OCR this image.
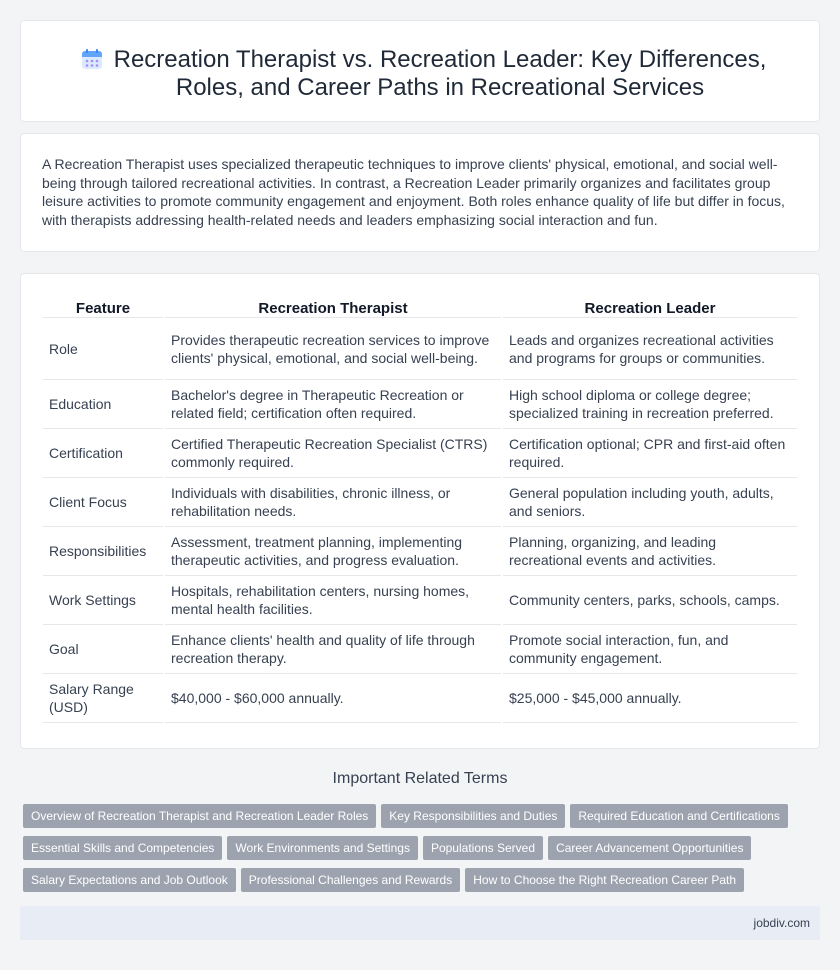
Recreation Therapist vs. Recreation Leader: Key Differences, Roles, and Career Paths in Recreational Services

A Recreation Therapist uses specialized therapeutic techniques to improve clients' physical, emotional, and social well-being through tailored recreational activities. In contrast, a Recreation Leader primarily organizes and facilitates group leisure activities to promote community engagement and enjoyment. Both roles enhance quality of life but differ in focus, with therapists addressing health-related needs and leaders emphasizing social interaction and fun.

Feature	Recreation Therapist	Recreation Leader
Role	Provides therapeutic recreation services to improve clients' physical, emotional, and social well-being.	Leads and organizes recreational activities and programs for groups or communities.
Education	Bachelor's degree in Therapeutic Recreation or related field; certification often required.	High school diploma or college degree; specialized training in recreation preferred.
Certification	Certified Therapeutic Recreation Specialist (CTRS) commonly required.	Certification optional; CPR and first-aid often required.
Client Focus	Individuals with disabilities, chronic illness, or rehabilitation needs.	General population including youth, adults, and seniors.
Responsibilities	Assessment, treatment planning, implementing therapeutic activities, and progress evaluation.	Planning, organizing, and leading recreational events and activities.
Work Settings	Hospitals, rehabilitation centers, nursing homes, mental health facilities.	Community centers, parks, schools, camps.
Goal	Enhance clients' health and quality of life through recreation therapy.	Promote social interaction, fun, and community engagement.
Salary Range (USD)	$40,000 - $60,000 annually.	$25,000 - $45,000 annually.
Important Related Terms
Overview of Recreation Therapist and Recreation Leader Roles Key Responsibilities and Duties Required Education and Certifications
Essential Skills and Competencies Work Environments and Settings Populations Served Career Advancement Opportunities
Salary Expectations and Job Outlook Professional Challenges and Rewards How to Choose the Right Recreation Career Path
jobdiv.com
